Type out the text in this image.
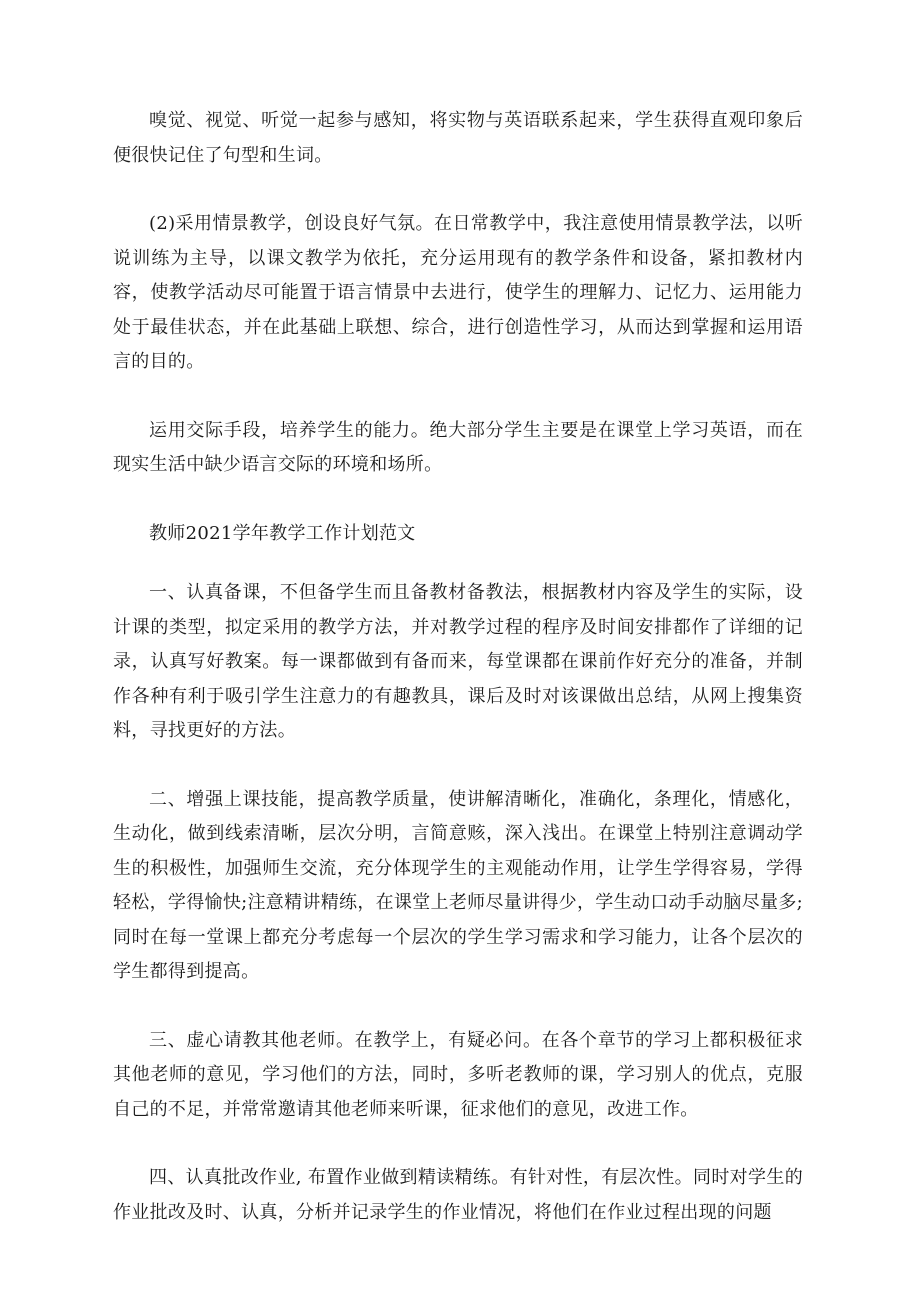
嗅觉、视觉、听觉一起参与感知，将实物与英语联系起来，学生获得直观印象后便很快记住了句型和生词。

(2)采用情景教学，创设良好气氛。在日常教学中，我注意使用情景教学法，以听说训练为主导，以课文教学为依托，充分运用现有的教学条件和设备，紧扣教材内容，使教学活动尽可能置于语言情景中去进行，使学生的理解力、记忆力、运用能力处于最佳状态，并在此基础上联想、综合，进行创造性学习，从而达到掌握和运用语言的目的。

运用交际手段，培养学生的能力。绝大部分学生主要是在课堂上学习英语，而在现实生活中缺少语言交际的环境和场所。

教师2021学年教学工作计划范文

一、认真备课，不但备学生而且备教材备教法，根据教材内容及学生的实际，设计课的类型，拟定采用的教学方法，并对教学过程的程序及时间安排都作了详细的记录，认真写好教案。每一课都做到有备而来，每堂课都在课前作好充分的准备，并制作各种有利于吸引学生注意力的有趣教具，课后及时对该课做出总结，从网上搜集资料，寻找更好的方法。

二、增强上课技能，提高教学质量，使讲解清晰化，准确化，条理化，情感化，生动化，做到线索清晰，层次分明，言简意赅，深入浅出。在课堂上特别注意调动学生的积极性，加强师生交流，充分体现学生的主观能动作用，让学生学得容易，学得轻松，学得愉快;注意精讲精练，在课堂上老师尽量讲得少，学生动口动手动脑尽量多;同时在每一堂课上都充分考虑每一个层次的学生学习需求和学习能力，让各个层次的学生都得到提高。

三、虚心请教其他老师。在教学上，有疑必问。在各个章节的学习上都积极征求其他老师的意见，学习他们的方法，同时，多听老教师的课，学习别人的优点，克服自己的不足，并常常邀请其他老师来听课，征求他们的意见，改进工作。

四、认真批改作业, 布置作业做到精读精练。有针对性，有层次性。同时对学生的作业批改及时、认真，分析并记录学生的作业情况，将他们在作业过程出现的问题
